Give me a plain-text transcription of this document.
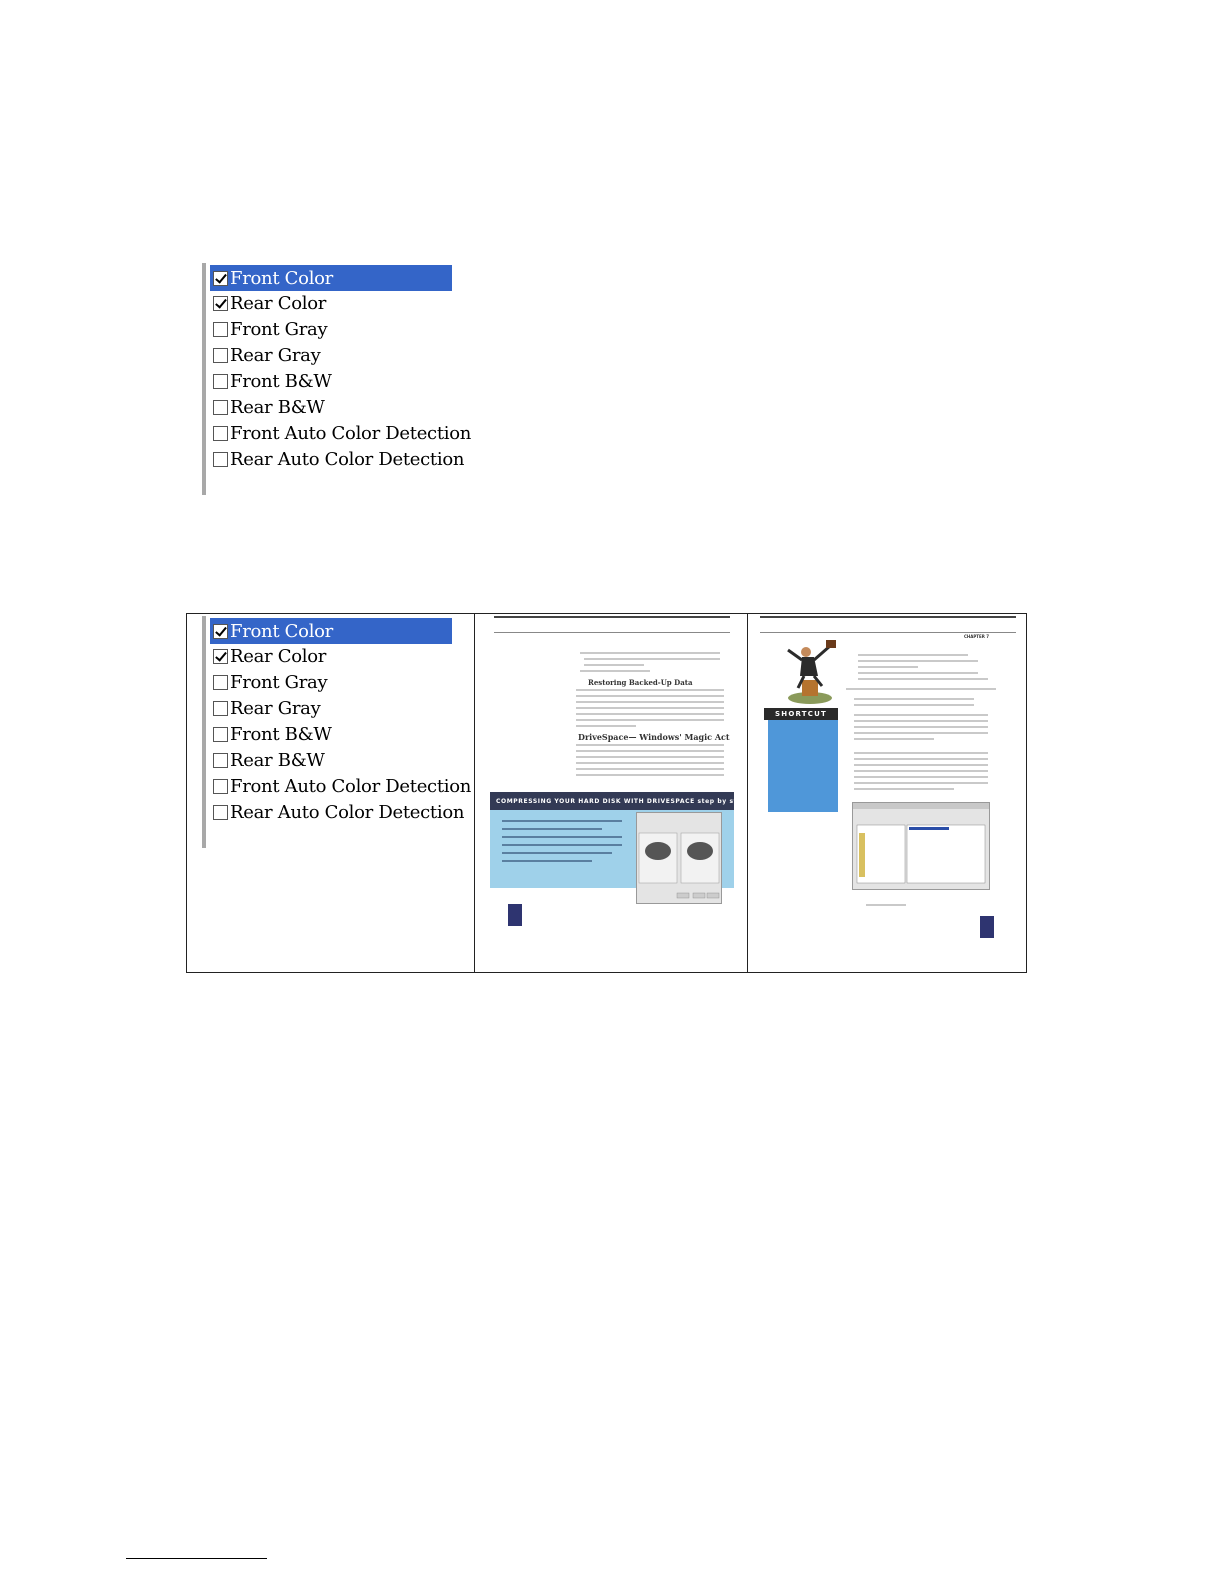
Front Color
Rear Color
Front Gray
Rear Gray
Front B&W
Rear B&W
Front Auto Color Detection
Rear Auto Color Detection
Front Color
Rear Color
Front Gray
Rear Gray
Front B&W
Rear B&W
Front Auto Color Detection
Rear Auto Color Detection
Restoring Backed-Up Data
DriveSpace— Windows' Magic Act
COMPRESSING YOUR HARD DISK WITH DRIVESPACE step by step
CHAPTER 7
SHORTCUT
